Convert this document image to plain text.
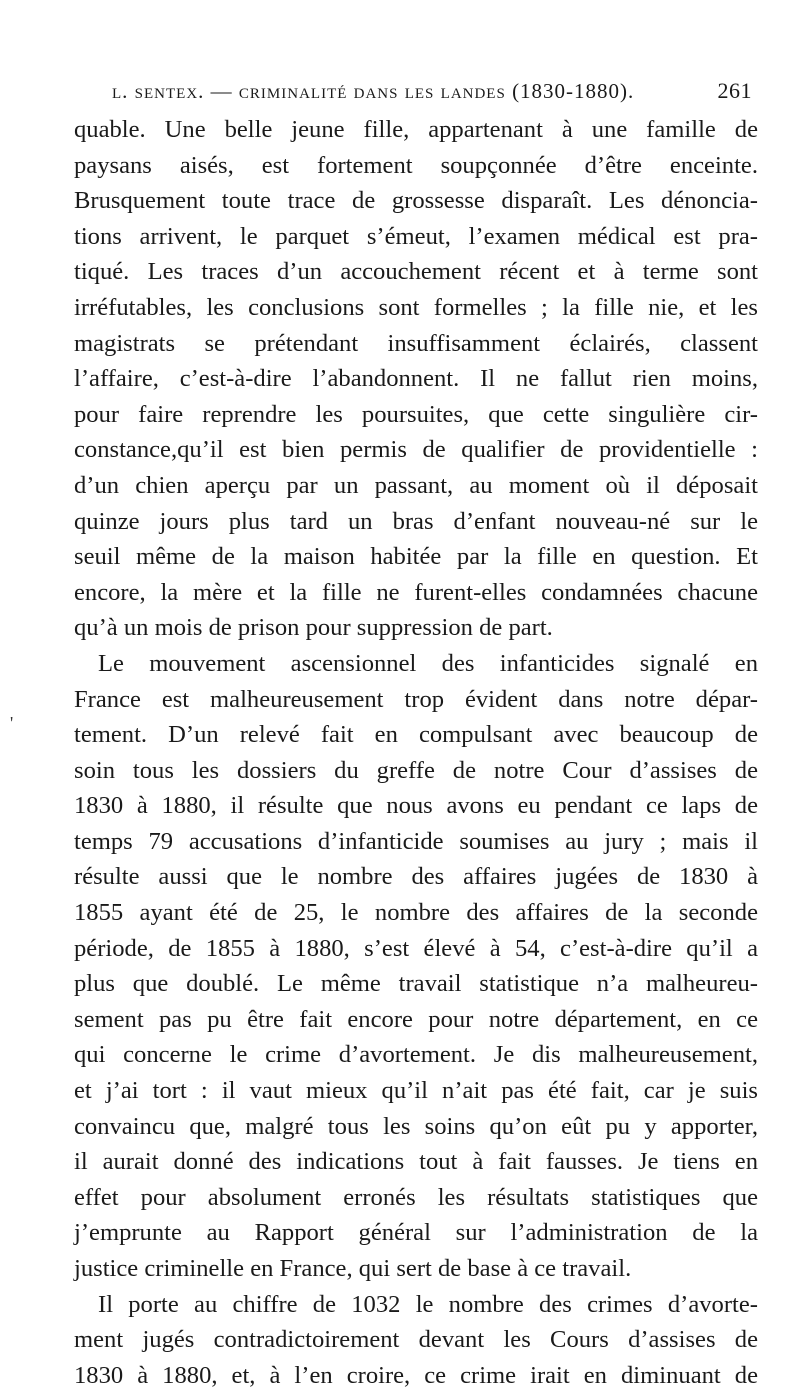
l. sentex. — criminalité dans les landes (1830-1880).	261
'
quable. Une belle jeune fille, appartenant à une famille de
paysans aisés, est fortement soupçonnée d’être enceinte.
Brusquement toute trace de grossesse disparaît. Les dénoncia-
tions arrivent, le parquet s’émeut, l’examen médical est pra-
tiqué. Les traces d’un accouchement récent et à terme sont
irréfutables, les conclusions sont formelles ; la fille nie, et les
magistrats se prétendant insuffisamment éclairés, classent
l’affaire, c’est-à-dire l’abandonnent. Il ne fallut rien moins,
pour faire reprendre les poursuites, que cette singulière cir-
constance,qu’il est bien permis de qualifier de providentielle :
d’un chien aperçu par un passant, au moment où il déposait
quinze jours plus tard un bras d’enfant nouveau-né sur le
seuil même de la maison habitée par la fille en question. Et
encore, la mère et la fille ne furent-elles condamnées chacune
qu’à un mois de prison pour suppression de part.
Le mouvement ascensionnel des infanticides signalé en
France est malheureusement trop évident dans notre dépar-
tement. D’un relevé fait en compulsant avec beaucoup de
soin tous les dossiers du greffe de notre Cour d’assises de
1830 à 1880, il résulte que nous avons eu pendant ce laps de
temps 79 accusations d’infanticide soumises au jury ; mais il
résulte aussi que le nombre des affaires jugées de 1830 à
1855 ayant été de 25, le nombre des affaires de la seconde
période, de 1855 à 1880, s’est élevé à 54, c’est-à-dire qu’il a
plus que doublé. Le même travail statistique n’a malheureu-
sement pas pu être fait encore pour notre département, en ce
qui concerne le crime d’avortement. Je dis malheureusement,
et j’ai tort : il vaut mieux qu’il n’ait pas été fait, car je suis
convaincu que, malgré tous les soins qu’on eût pu y apporter,
il aurait donné des indications tout à fait fausses. Je tiens en
effet pour absolument erronés les résultats statistiques que
j’emprunte au Rapport général sur l’administration de la
justice criminelle en France, qui sert de base à ce travail.
Il porte au chiffre de 1032 le nombre des crimes d’avorte-
ment jugés contradictoirement devant les Cours d’assises de
1830 à 1880, et, à l’en croire, ce crime irait en diminuant de
